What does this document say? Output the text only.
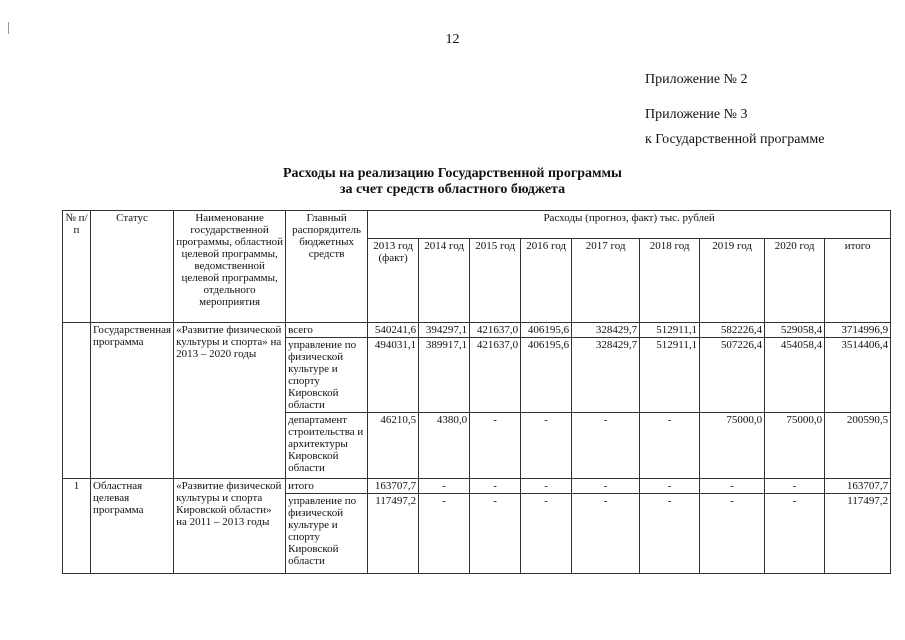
12
Приложение № 2
Приложение № 3
к Государственной программе
Расходы на реализацию Государственной программы
за счет средств областного бюджета
№ п/п	Статус	Наименование государственной программы, областной целевой программы, ведомственной целевой программы, отдельного мероприятия	Главный распорядитель бюджетных средств	Расходы (прогноз, факт) тыс. рублей								
				2013 год (факт)	2014 год	2015 год	2016 год	2017 год	2018 год	2019 год	2020 год	итого
	Государственная программа	«Развитие физической культуры и спорта» на 2013 – 2020 годы	всего	540241,6	394297,1	421637,0	406195,6	328429,7	512911,1	582226,4	529058,4	3714996,9
			управление по физической культуре и спорту Кировской области	494031,1	389917,1	421637,0	406195,6	328429,7	512911,1	507226,4	454058,4	3514406,4
			департамент строительства и архитектуры Кировской области	46210,5	4380,0	-	-	-	-	75000,0	75000,0	200590,5
1	Областная целевая программа	«Развитие физической культуры и спорта Кировской области» на 2011 – 2013 годы	итого	163707,7	-	-	-	-	-	-	-	163707,7
			управление по физической культуре и спорту Кировской области	117497,2	-	-	-	-	-	-	-	117497,2
